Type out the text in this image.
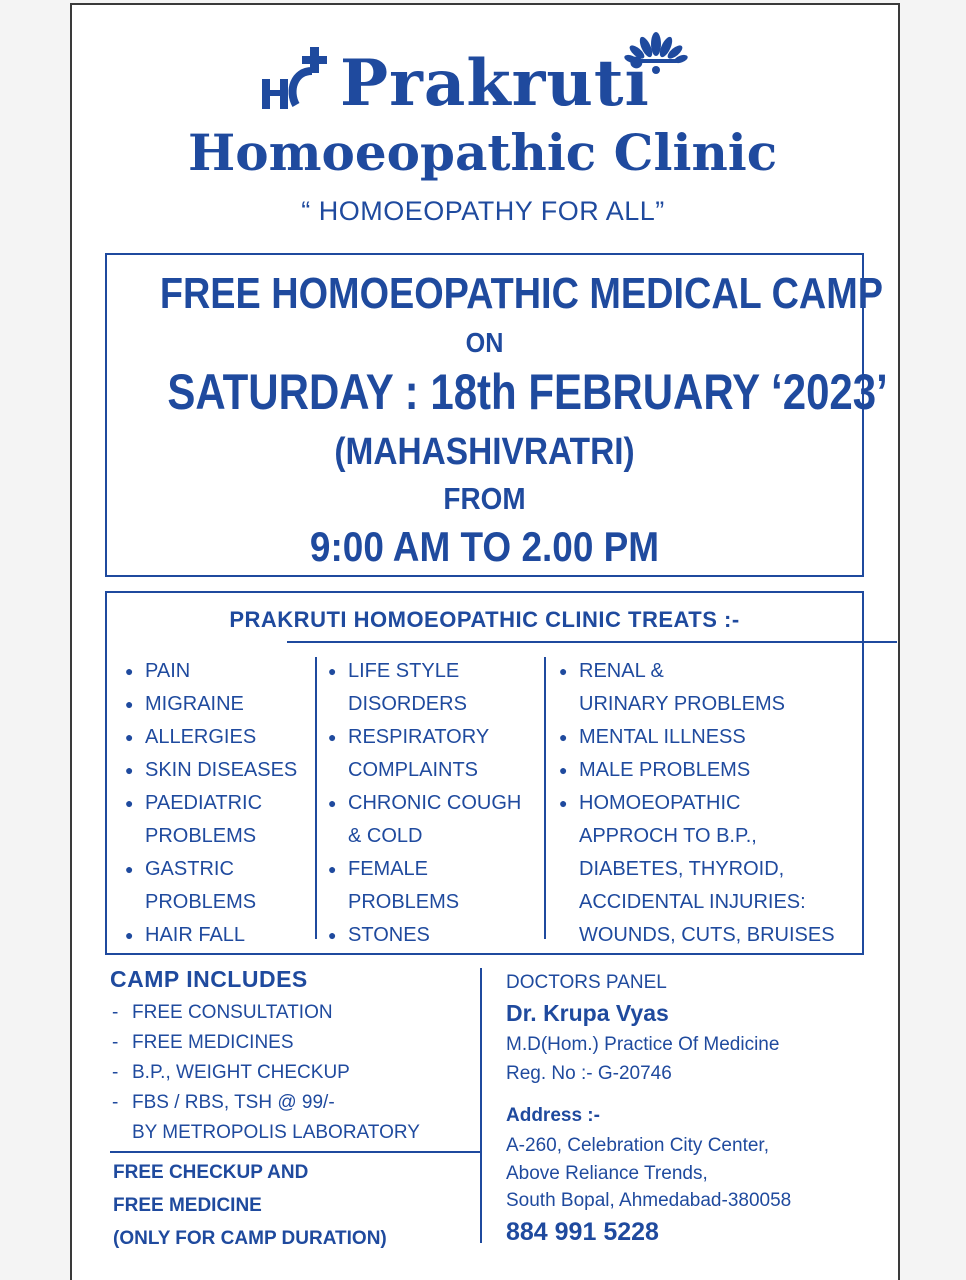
Prakruti
Homoeopathic Clinic
“ HOMOEOPATHY FOR ALL”
FREE HOMOEOPATHIC MEDICAL CAMP
ON
SATURDAY : 18th FEBRUARY ‘2023’
(MAHASHIVRATRI)
FROM
9:00 AM TO 2.00 PM
PRAKRUTI HOMOEOPATHIC CLINIC TREATS :-
● PAIN
● MIGRAINE
● ALLERGIES
● SKIN DISEASES
● PAEDIATRIC
PROBLEMS
● GASTRIC
PROBLEMS
● HAIR FALL
● LIFE STYLE
DISORDERS
● RESPIRATORY
COMPLAINTS
● CHRONIC COUGH
& COLD
● FEMALE
PROBLEMS
● STONES
● RENAL &
URINARY PROBLEMS
● MENTAL ILLNESS
● MALE PROBLEMS
● HOMOEOPATHIC
APPROCH TO B.P.,
DIABETES, THYROID,
ACCIDENTAL INJURIES:
WOUNDS, CUTS, BRUISES
CAMP INCLUDES
- FREE CONSULTATION
- FREE MEDICINES
- B.P., WEIGHT CHECKUP
- FBS / RBS, TSH @ 99/-
BY METROPOLIS LABORATORY
FREE CHECKUP AND
FREE MEDICINE
(ONLY FOR CAMP DURATION)
DOCTORS PANEL
Dr. Krupa Vyas
M.D(Hom.) Practice Of Medicine
Reg. No :- G-20746
Address :-
A-260, Celebration City Center,
Above Reliance Trends,
South Bopal, Ahmedabad-380058
884 991 5228
